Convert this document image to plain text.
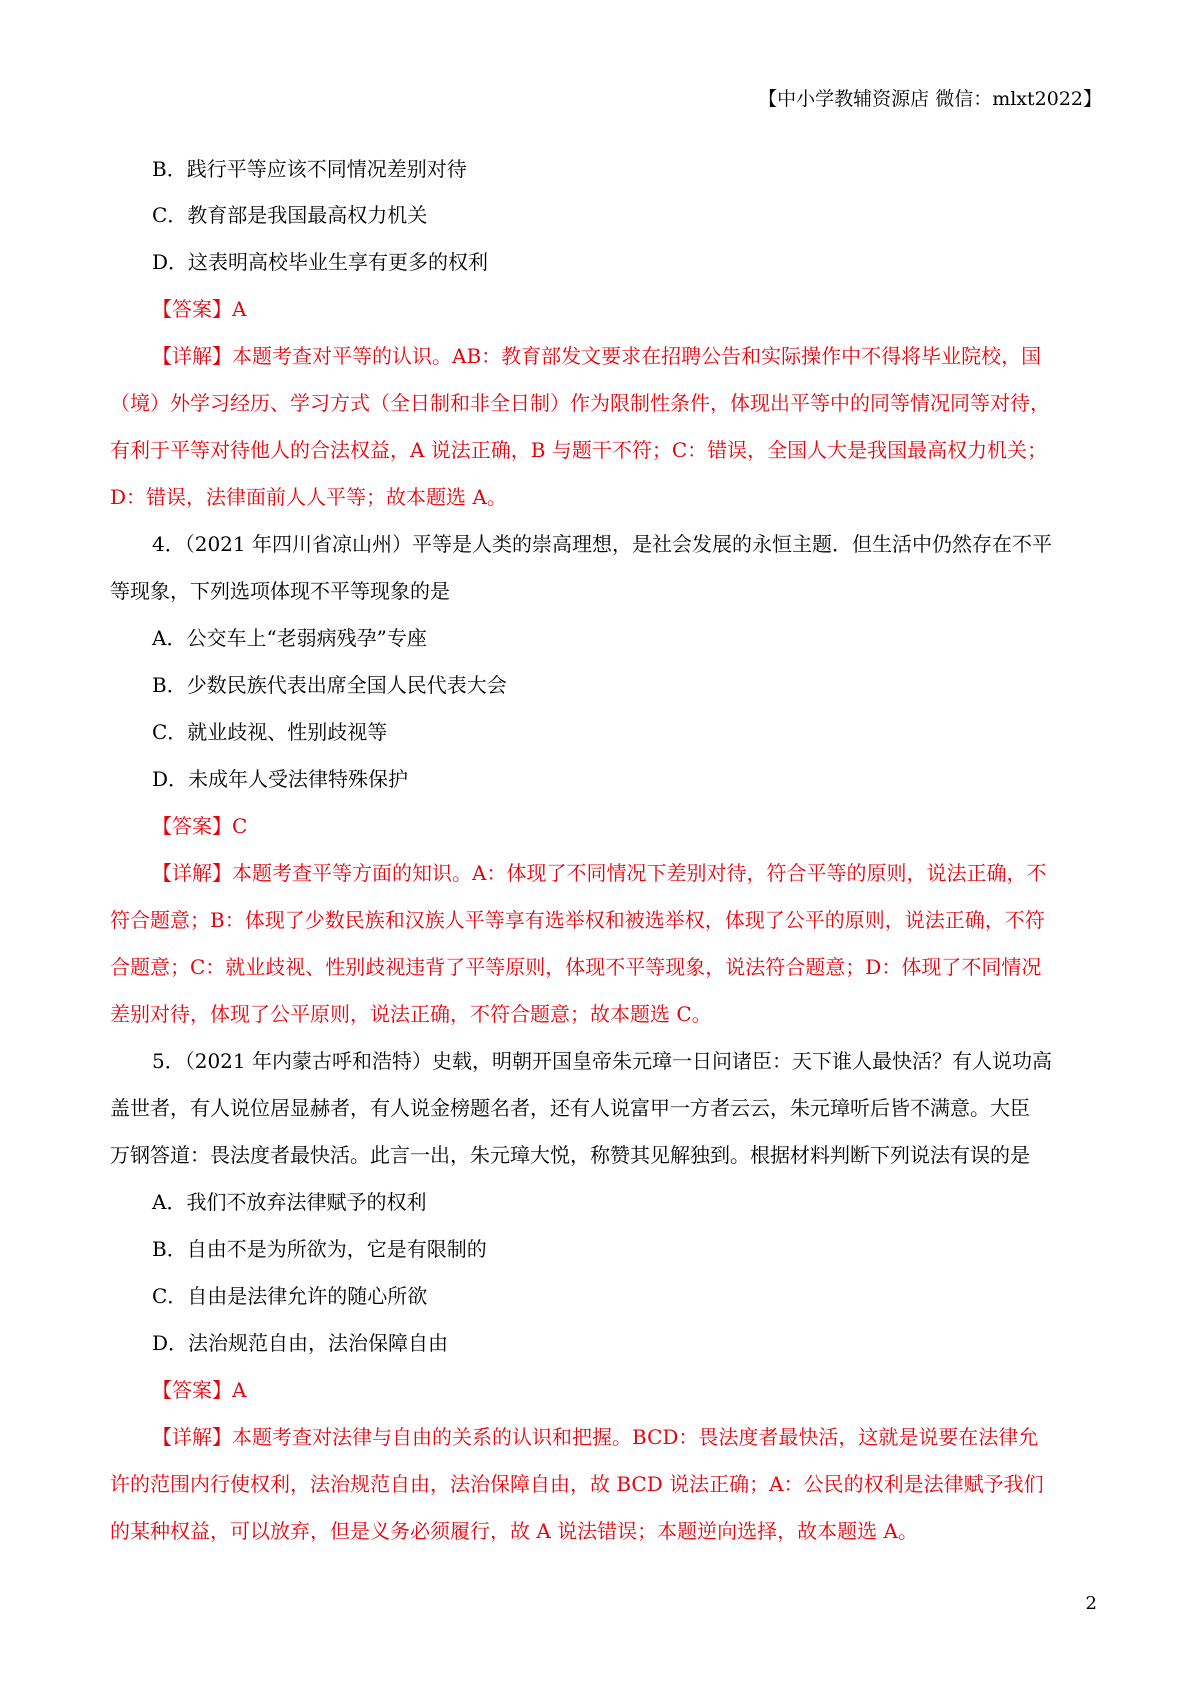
【中小学教辅资源店 微信：mlxt2022】
B．践行平等应该不同情况差别对待
C．教育部是我国最高权力机关
D．这表明高校毕业生享有更多的权利
【答案】A
【详解】本题考查对平等的认识。AB：教育部发文要求在招聘公告和实际操作中不得将毕业院校，国
（境）外学习经历、学习方式（全日制和非全日制）作为限制性条件，体现出平等中的同等情况同等对待，
有利于平等对待他人的合法权益，A 说法正确，B 与题干不符；C：错误，全国人大是我国最高权力机关；
D：错误，法律面前人人平等；故本题选 A。
4．（2021 年四川省凉山州）平等是人类的崇高理想，是社会发展的永恒主题．但生活中仍然存在不平
等现象，下列选项体现不平等现象的是
A．公交车上“老弱病残孕”专座
B．少数民族代表出席全国人民代表大会
C．就业歧视、性别歧视等
D．未成年人受法律特殊保护
【答案】C
【详解】本题考查平等方面的知识。A：体现了不同情况下差别对待，符合平等的原则，说法正确，不
符合题意；B：体现了少数民族和汉族人平等享有选举权和被选举权，体现了公平的原则，说法正确，不符
合题意；C：就业歧视、性别歧视违背了平等原则，体现不平等现象，说法符合题意；D：体现了不同情况
差别对待，体现了公平原则，说法正确，不符合题意；故本题选 C。
5．（2021 年内蒙古呼和浩特）史载，明朝开国皇帝朱元璋一日问诸臣：天下谁人最快活？有人说功高
盖世者，有人说位居显赫者，有人说金榜题名者，还有人说富甲一方者云云，朱元璋听后皆不满意。大臣
万钢答道：畏法度者最快活。此言一出，朱元璋大悦，称赞其见解独到。根据材料判断下列说法有误的是
A．我们不放弃法律赋予的权利
B．自由不是为所欲为，它是有限制的
C．自由是法律允许的随心所欲
D．法治规范自由，法治保障自由
【答案】A
【详解】本题考查对法律与自由的关系的认识和把握。BCD：畏法度者最快活，这就是说要在法律允
许的范围内行使权利，法治规范自由，法治保障自由，故 BCD 说法正确；A：公民的权利是法律赋予我们
的某种权益，可以放弃，但是义务必须履行，故 A 说法错误；本题逆向选择，故本题选 A。
2
